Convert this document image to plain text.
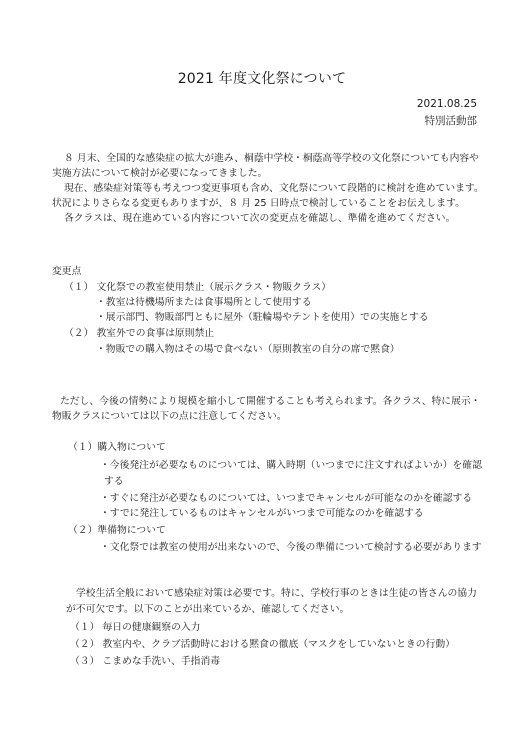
2021 年度文化祭について
2021.08.25
特別活動部
８ 月末、全国的な感染症の拡大が進み、桐蔭中学校・桐蔭高等学校の文化祭についても内容や
実施方法について検討が必要になってきました。
現在、感染症対策等も考えつつ変更事項も含め、文化祭について段階的に検討を進めています。
状況によりさらなる変更もありますが、８ 月 25 日時点で検討していることをお伝えします。
各クラスは、現在進めている内容について次の変更点を確認し、準備を進めてください。
変更点
（１） 文化祭での教室使用禁止（展示クラス・物販クラス）
・教室は待機場所または食事場所として使用する
・展示部門、物販部門ともに屋外（駐輪場やテントを使用）での実施とする
（２） 教室外での食事は原則禁止
・物販での購入物はその場で食べない（原則教室の自分の席で黙食）
ただし、今後の情勢により規模を縮小して開催することも考えられます。各クラス、特に展示・
物販クラスについては以下の点に注意してください。
（１）購入物について
・今後発注が必要なものについては、購入時期（いつまでに注文すればよいか）を確認
する
・すぐに発注が必要なものについては、いつまでキャンセルが可能なのかを確認する
・すでに発注しているものはキャンセルがいつまで可能なのかを確認する
（２）準備物について
・文化祭では教室の使用が出来ないので、今後の準備について検討する必要があります
学校生活全般において感染症対策は必要です。特に、学校行事のときは生徒の皆さんの協力
が不可欠です。以下のことが出来ているか、確認してください。
（１） 毎日の健康観察の入力
（２） 教室内や、クラブ活動時における黙食の徹底（マスクをしていないときの行動）
（３） こまめな手洗い、手指消毒
